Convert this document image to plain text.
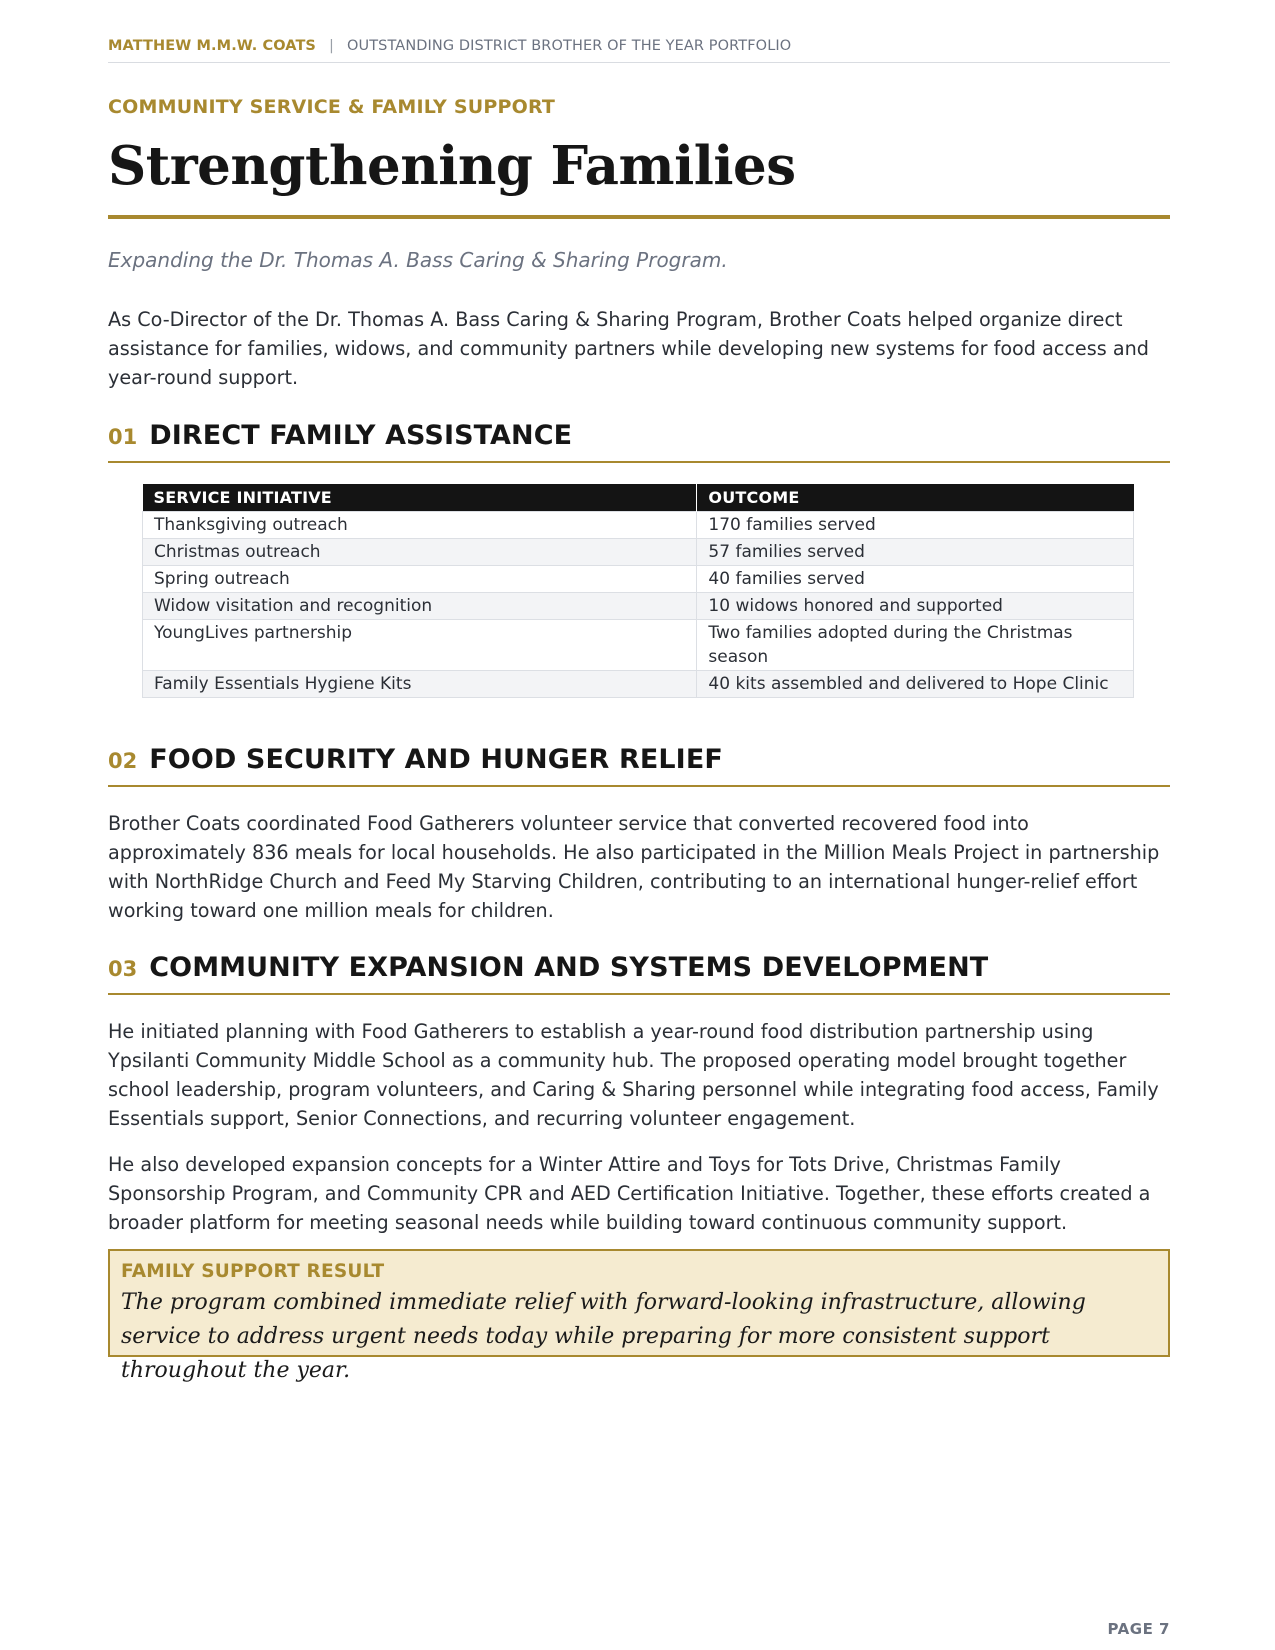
MATTHEW M.M.W. COATS | OUTSTANDING DISTRICT BROTHER OF THE YEAR PORTFOLIO
COMMUNITY SERVICE & FAMILY SUPPORT
Strengthening Families
Expanding the Dr. Thomas A. Bass Caring & Sharing Program.

As Co-Director of the Dr. Thomas A. Bass Caring & Sharing Program, Brother Coats helped organize direct assistance for families, widows, and community partners while developing new systems for food access and year-round support.

01 DIRECT FAMILY ASSISTANCE
SERVICE INITIATIVE	OUTCOME
Thanksgiving outreach	170 families served
Christmas outreach	57 families served
Spring outreach	40 families served
Widow visitation and recognition	10 widows honored and supported
YoungLives partnership	Two families adopted during the Christmas season
Family Essentials Hygiene Kits	40 kits assembled and delivered to Hope Clinic
02 FOOD SECURITY AND HUNGER RELIEF

Brother Coats coordinated Food Gatherers volunteer service that converted recovered food into approximately 836 meals for local households. He also participated in the Million Meals Project in partnership with NorthRidge Church and Feed My Starving Children, contributing to an international hunger-relief effort working toward one million meals for children.

03 COMMUNITY EXPANSION AND SYSTEMS DEVELOPMENT

He initiated planning with Food Gatherers to establish a year-round food distribution partnership using Ypsilanti Community Middle School as a community hub. The proposed operating model brought together school leadership, program volunteers, and Caring & Sharing personnel while integrating food access, Family Essentials support, Senior Connections, and recurring volunteer engagement.

He also developed expansion concepts for a Winter Attire and Toys for Tots Drive, Christmas Family Sponsorship Program, and Community CPR and AED Certification Initiative. Together, these efforts created a broader platform for meeting seasonal needs while building toward continuous community support.

FAMILY SUPPORT RESULT
The program combined immediate relief with forward-looking infrastructure, allowing service to address urgent needs today while preparing for more consistent support throughout the year.
PAGE 7
